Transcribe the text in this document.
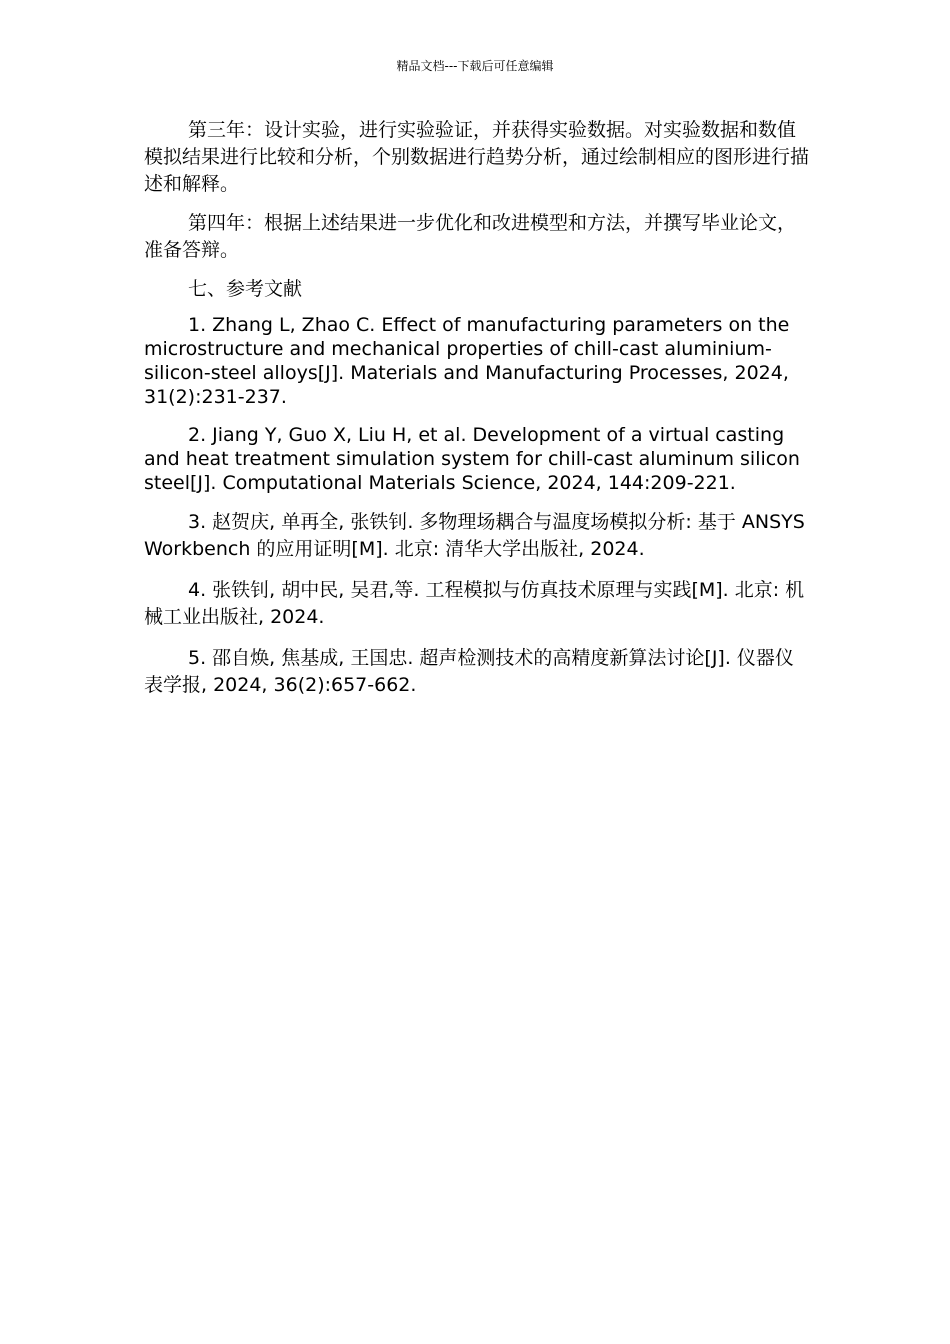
精品文档---下载后可任意编辑

第三年：设计实验，进行实验验证，并获得实验数据。对实验数据和数值模拟结果进行比较和分析，个别数据进行趋势分析，通过绘制相应的图形进行描述和解释。

第四年：根据上述结果进一步优化和改进模型和方法，并撰写毕业论文，准备答辩。

七、参考文献

1. Zhang L, Zhao C. Effect of manufacturing parameters on the microstructure and mechanical properties of chill-cast aluminium-silicon-steel alloys[J]. Materials and Manufacturing Processes, 2024, 31(2):231-237.

2. Jiang Y, Guo X, Liu H, et al. Development of a virtual casting and heat treatment simulation system for chill-cast aluminum silicon steel[J]. Computational Materials Science, 2024, 144:209-221.

3. 赵贺庆, 单再全, 张铁钊. 多物理场耦合与温度场模拟分析: 基于 ANSYS Workbench 的应用证明[M]. 北京: 清华大学出版社, 2024.

4. 张铁钊, 胡中民, 吴君,等. 工程模拟与仿真技术原理与实践[M]. 北京: 机械工业出版社, 2024.

5. 邵自焕, 焦基成, 王国忠. 超声检测技术的高精度新算法讨论[J]. 仪器仪表学报, 2024, 36(2):657-662.
